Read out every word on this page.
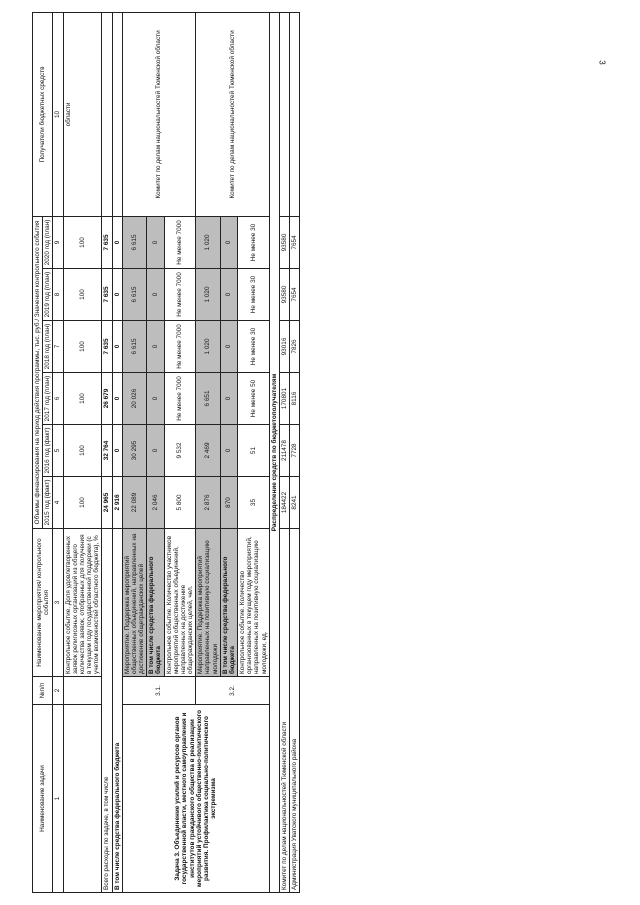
3
Наименование задачи	№п/п	Наименование мероприятия/ контрольного события	Объемы финансирования на период действия программы, тыс. руб./ Значения контрольного события						Получатели бюджетных средств
			2015 год (факт)	2016 год (факт)	2017 год (план)	2018 год (план)	2019 год (план)	2020 год (план)	
1	2	3	4	5	6	7	8	9	10
		Контрольное событие. Доля удовлетворенных заявок религиозных организаций из общего количества заявок, отобранных для получения в текущем году государственной поддержки (с учетом возможностей областного бюджета), %	100	100	100	100	100	100	области
Всего расходы по задаче, в том числе			24 965	32 764	26 679	7 635	7 635	7 635	
В том числе средства федерального бюджета			2 916	0	0	0	0	0	
Задача 3. Объединение усилий и ресурсов органов государственной власти, местного самоуправления и институтов гражданского общества в реализации мероприятий устойчивого общественно-политического развития. Профилактика социально-политического экстремизма	3.1.	Мероприятие. Поддержка мероприятий общественных объединений, направленных на достижение общегражданских целей	22 089	30 295	20 026	6 615	6 615	6 615	Комитет по делам национальностей Тюменской области
		В том числе средства федерального бюджета	2 046	0	0	0	0	0	
		Контрольное событие. Количество участников мероприятий общественных объединений, направленных на достижение общегражданских целей, чел.	5 800	9 532	Не менее 7000	Не менее 7000	Не менее 7000	Не менее 7000	
	3.2.	Мероприятие. Поддержка мероприятий направленных на позитивную социализацию молодежи	2 876	2 469	6 651	1 020	1 020	1 020	Комитет по делам национальностей Тюменской области
		В том числе средства федерального бюджета	870	0	0	0	0	0	
		Контрольное событие. Количество организованных в текущем году мероприятий, направленных на позитивную социализацию молодежи, ед.	35	51	Не менее 50	Не менее 30	Не менее 30	Не менее 30	
Распределение средств по бюджетополучателям									
Комитет по делам национальностей Тюменской области			184422	211478	170801	93016	93580	93580	
Администрация Уватского муниципального района			8241	7728	8116	7826	7654	7654	
